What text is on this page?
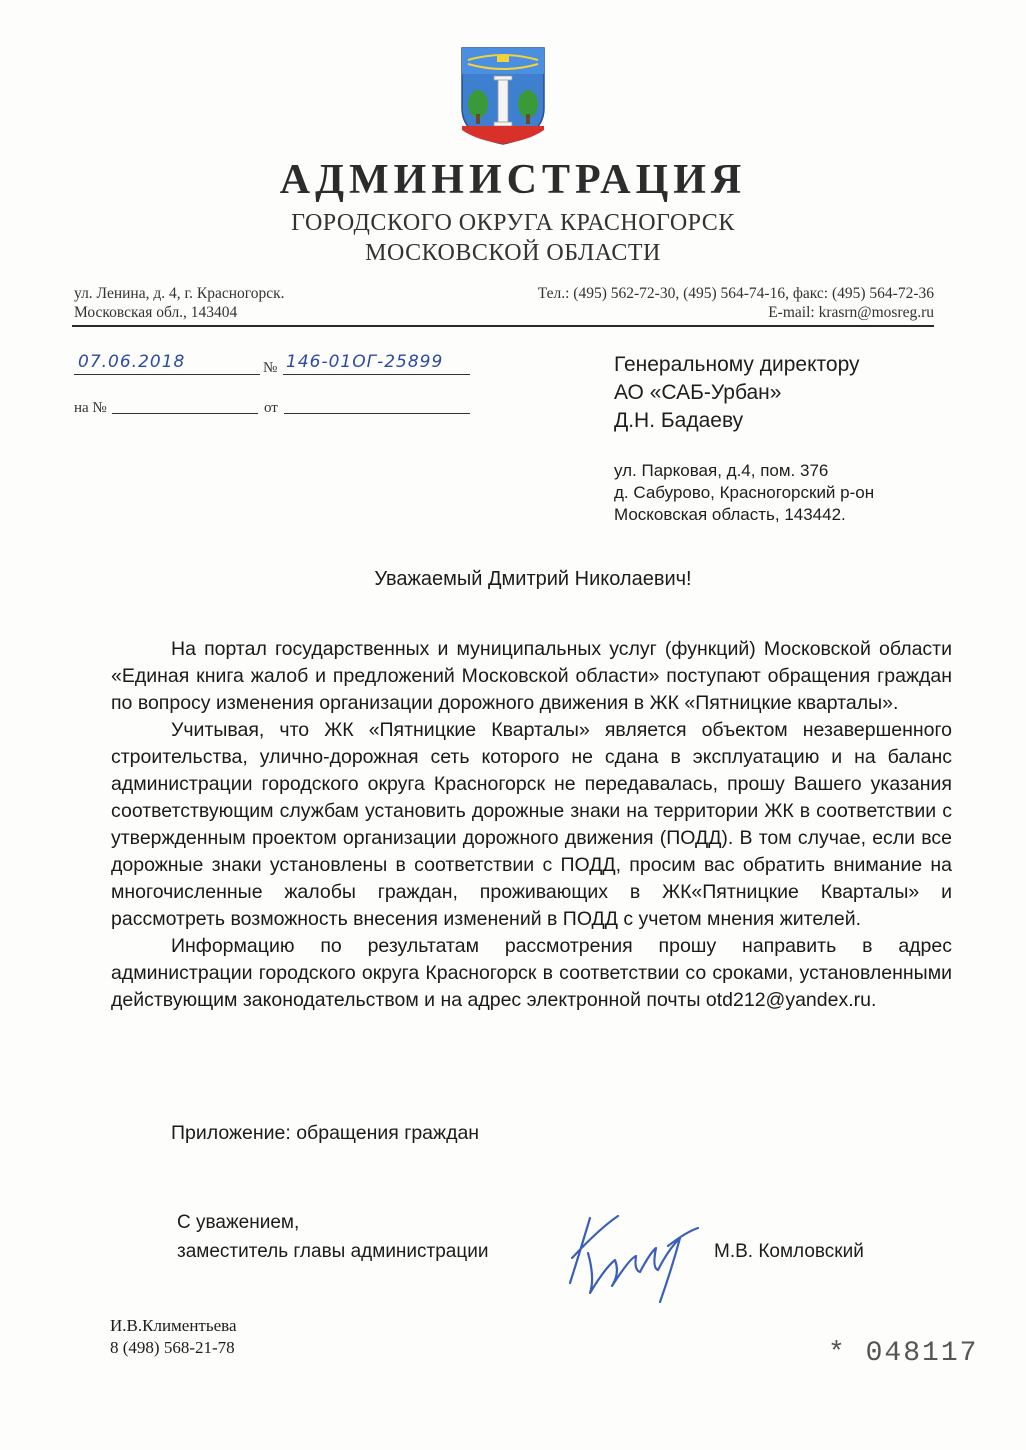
АДМИНИСТРАЦИЯ
ГОРОДСКОГО ОКРУГА КРАСНОГОРСК
МОСКОВСКОЙ ОБЛАСТИ
ул. Ленина, д. 4, г. Красногорск.
Московская обл., 143404
Тел.: (495) 562-72-30, (495) 564-74-16, факс: (495) 564-72-36
E-mail: krasrn@mosreg.ru
07.06.2018	№ 146-01ОГ-25899
на №	от
Генеральному директору
АО «САБ-Урбан»
Д.Н. Бадаеву
ул. Парковая, д.4, пом. 376
д. Сабурово, Красногорский р-он
Московская область, 143442.
Уважаемый Дмитрий Николаевич!

На портал государственных и муниципальных услуг (функций) Московской области «Единая книга жалоб и предложений Московской области» поступают обращения граждан по вопросу изменения организации дорожного движения в ЖК «Пятницкие кварталы».

Учитывая, что ЖК «Пятницкие Кварталы» является объектом незавершенного строительства, улично-дорожная сеть которого не сдана в эксплуатацию и на баланс администрации городского округа Красногорск не передавалась, прошу Вашего указания соответствующим службам установить дорожные знаки на территории ЖК в соответствии с утвержденным проектом организации дорожного движения (ПОДД). В том случае, если все дорожные знаки установлены в соответствии с ПОДД, просим вас обратить внимание на многочисленные жалобы граждан, проживающих в ЖК«Пятницкие Кварталы» и рассмотреть возможность внесения изменений в ПОДД с учетом мнения жителей.

Информацию по результатам рассмотрения прошу направить в адрес администрации городского округа Красногорск в соответствии со сроками, установленными действующим законодательством и на адрес электронной почты otd212@yandex.ru.

Приложение: обращения граждан
С уважением,
заместитель главы администрации	М.В. Комловский
И.В.Климентьева
8 (498) 568-21-78	* 048117
